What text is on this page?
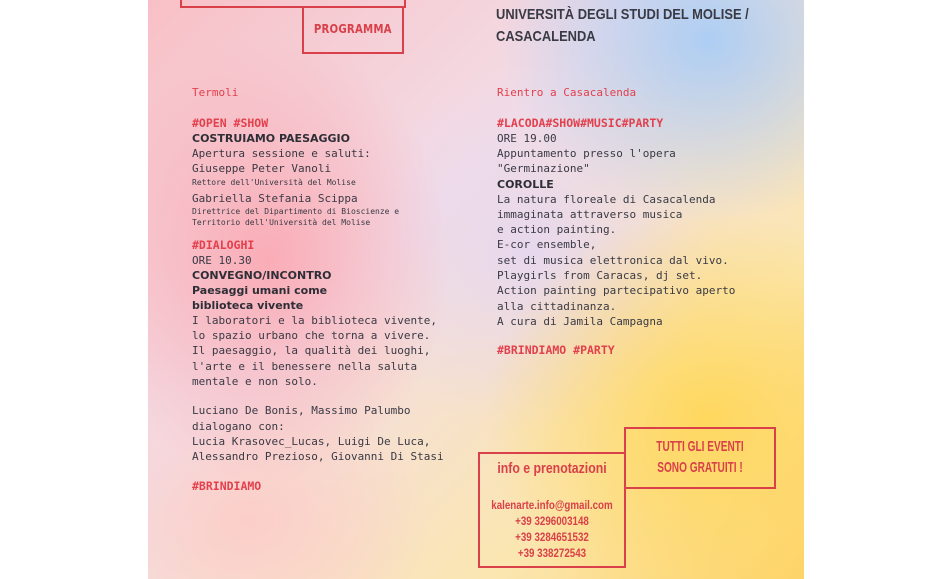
PROGRAMMA
UNIVERSITÀ DEGLI STUDI DEL MOLISE /
CASACALENDA
Termoli
#OPEN #SHOW
COSTRUIAMO PAESAGGIO
Apertura sessione e saluti:
Giuseppe Peter Vanoli
Rettore dell'Università del Molise
Gabriella Stefania Scippa
Direttrice del Dipartimento di Bioscienze e
Territorio dell'Università del Molise
#DIALOGHI
ORE 10.30
CONVEGNO/INCONTRO
Paesaggi umani come
biblioteca vivente
I laboratori e la biblioteca vivente,
lo spazio urbano che torna a vivere.
Il paesaggio, la qualità dei luoghi,
l'arte e il benessere nella saluta
mentale e non solo.
Luciano De Bonis, Massimo Palumbo
dialogano con:
Lucia Krasovec_Lucas, Luigi De Luca,
Alessandro Prezioso, Giovanni Di Stasi
#BRINDIAMO
Rientro a Casacalenda
#LACODA#SHOW#MUSIC#PARTY
ORE 19.00
Appuntamento presso l'opera
"Germinazione"
COROLLE
La natura floreale di Casacalenda
immaginata attraverso musica
e action painting.
E-cor ensemble,
set di musica elettronica dal vivo.
Playgirls from Caracas, dj set.
Action painting partecipativo aperto
alla cittadinanza.
A cura di Jamila Campagna
#BRINDIAMO #PARTY
info e prenotazioni
kalenarte.info@gmail.com
+39 3296003148
+39 3284651532
+39 338272543
TUTTI GLI EVENTI
SONO GRATUITI !
